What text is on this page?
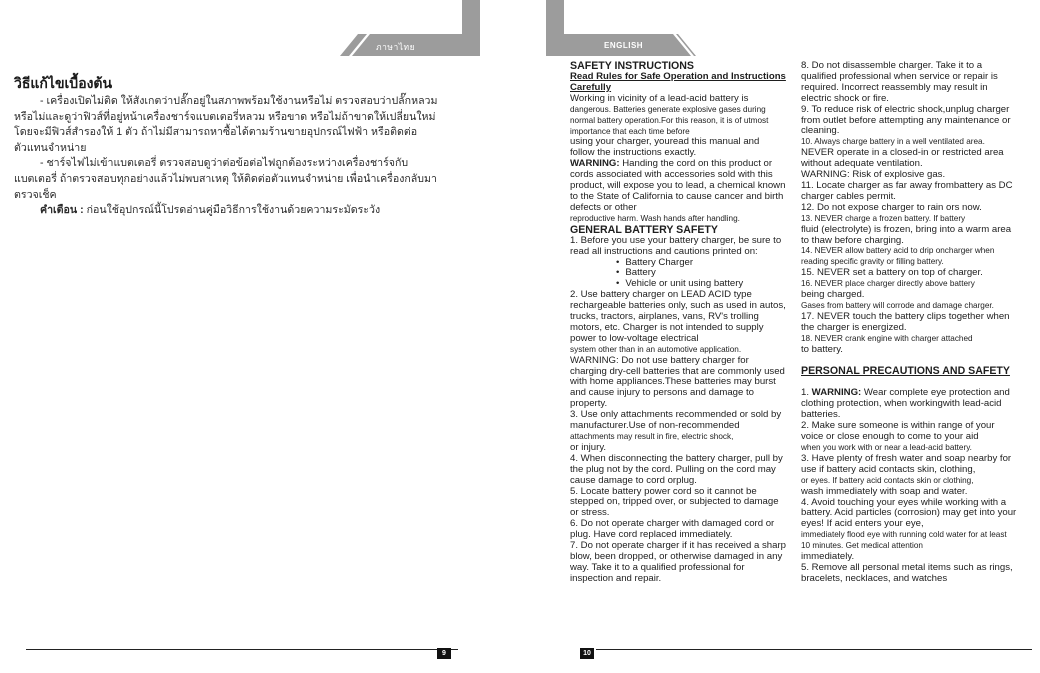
ภาษาไทย
วิธีแก้ไขเบื้องต้น

- เครื่องเปิดไม่ติด ให้สังเกตว่าปลั๊กอยู่ในสภาพพร้อมใช้งานหรือไม่ ตรวจสอบว่าปลั๊กหลวมหรือไม่และดูว่าฟิวส์ที่อยู่หน้าเครื่องชาร์จแบตเตอรี่หลวม หรือขาด หรือไม่ถ้าขาดให้เปลี่ยนใหม่โดยจะมีฟิวส์สำรองให้ 1 ตัว ถ้าไม่มีสามารถหาซื้อได้ตามร้านขายอุปกรณ์ไฟฟ้า หรือติดต่อตัวแทนจำหน่าย

- ชาร์จไฟไม่เข้าแบตเตอรี่ ตรวจสอบดูว่าต่อข้อต่อไฟถูกต้องระหว่างเครื่องชาร์จกับแบตเตอรี่ ถ้าตรวจสอบทุกอย่างแล้วไม่พบสาเหตุ ให้ติดต่อตัวแทนจำหน่าย เพื่อนำเครื่องกลับมาตรวจเช็ค

คำเตือน : ก่อนใช้อุปกรณ์นี้โปรดอ่านคู่มือวิธีการใช้งานด้วยความระมัดระวัง

9
ENGLISH
SAFETY INSTRUCTIONS
Read Rules for Safe Operation and Instructions Carefully
Working in vicinity of a lead-acid battery is
dangerous. Batteries generate explosive gases during normal battery operation.For this reason, it is of utmost importance that each time before
using your charger, youread this manual and follow the instructions exactly.
WARNING: Handing the cord on this product or cords associated with accessories sold with this product, will expose you to lead, a chemical known to the State of California to cause cancer and birth defects or other
reproductive harm. Wash hands after handling.
GENERAL BATTERY SAFETY
1. Before you use your battery charger, be sure to read all instructions and cautions printed on:
• Battery Charger
• Battery
• Vehicle or unit using battery
2. Use battery charger on LEAD ACID type rechargeable batteries only, such as used in autos, trucks, tractors, airplanes, vans, RV's trolling motors, etc. Charger is not intended to supply power to low-voltage electrical
system other than in an automotive application.
WARNING: Do not use battery charger for charging dry-cell batteries that are commonly used with home appliances.These batteries may burst and cause injury to persons and damage to property.
3. Use only attachments recommended or sold by manufacturer.Use of non-recommended
attachments may result in fire, electric shock,
or injury.
4. When disconnecting the battery charger, pull by the plug not by the cord. Pulling on the cord may cause damage to cord orplug.
5. Locate battery power cord so it cannot be stepped on, tripped over, or subjected to damage or stress.
6. Do not operate charger with damaged cord or plug. Have cord replaced immediately.
7. Do not operate charger if it has received a sharp blow, been dropped, or otherwise damaged in any way. Take it to a qualified professional for inspection and repair.
8. Do not disassemble charger. Take it to a qualified professional when service or repair is required. Incorrect reassembly may result in electric shock or fire.
9. To reduce risk of electric shock,unplug charger from outlet before attempting any maintenance or cleaning.
10. Always charge battery in a well ventilated area.
NEVER operate in a closed-in or restricted area without adequate ventilation.
WARNING: Risk of explosive gas.
11. Locate charger as far away frombattery as DC charger cables permit.
12. Do not expose charger to rain ors now.
13. NEVER charge a frozen battery. If battery
fluid (electrolyte) is frozen, bring into a warm area to thaw before charging.
14. NEVER allow battery acid to drip oncharger when reading specific gravity or filling battery.
15. NEVER set a battery on top of charger.
16. NEVER place charger directly above battery
being charged.
Gases from battery will corrode and damage charger.
17. NEVER touch the battery clips together when the charger is energized.
18. NEVER crank engine with charger attached
to battery.
PERSONAL PRECAUTIONS AND SAFETY
1. WARNING: Wear complete eye protection and clothing protection, when workingwith lead-acid batteries.
2. Make sure someone is within range of your voice or close enough to come to your aid
when you work with or near a lead-acid battery.
3. Have plenty of fresh water and soap nearby for use if battery acid contacts skin, clothing,
or eyes. If battery acid contacts skin or clothing,
wash immediately with soap and water.
4. Avoid touching your eyes while working with a battery. Acid particles (corrosion) may get into your eyes! If acid enters your eye,
immediately flood eye with running cold water for at least 10 minutes. Get medical attention
immediately.
5. Remove all personal metal items such as rings, bracelets, necklaces, and watches
10
